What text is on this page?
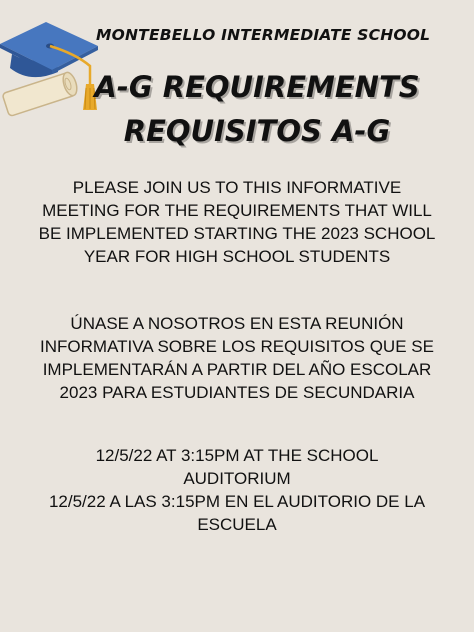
MONTEBELLO INTERMEDIATE SCHOOL
A-G REQUIREMENTS
REQUISITOS A-G
PLEASE JOIN US TO THIS INFORMATIVE
MEETING FOR THE REQUIREMENTS THAT WILL
BE IMPLEMENTED STARTING THE 2023 SCHOOL
YEAR FOR HIGH SCHOOL STUDENTS
ÚNASE A NOSOTROS EN ESTA REUNIÓN
INFORMATIVA SOBRE LOS REQUISITOS QUE SE
IMPLEMENTARÁN A PARTIR DEL AÑO ESCOLAR
2023 PARA ESTUDIANTES DE SECUNDARIA
12/5/22 AT 3:15PM AT THE SCHOOL
AUDITORIUM
12/5/22 A LAS 3:15PM EN EL AUDITORIO DE LA
ESCUELA
